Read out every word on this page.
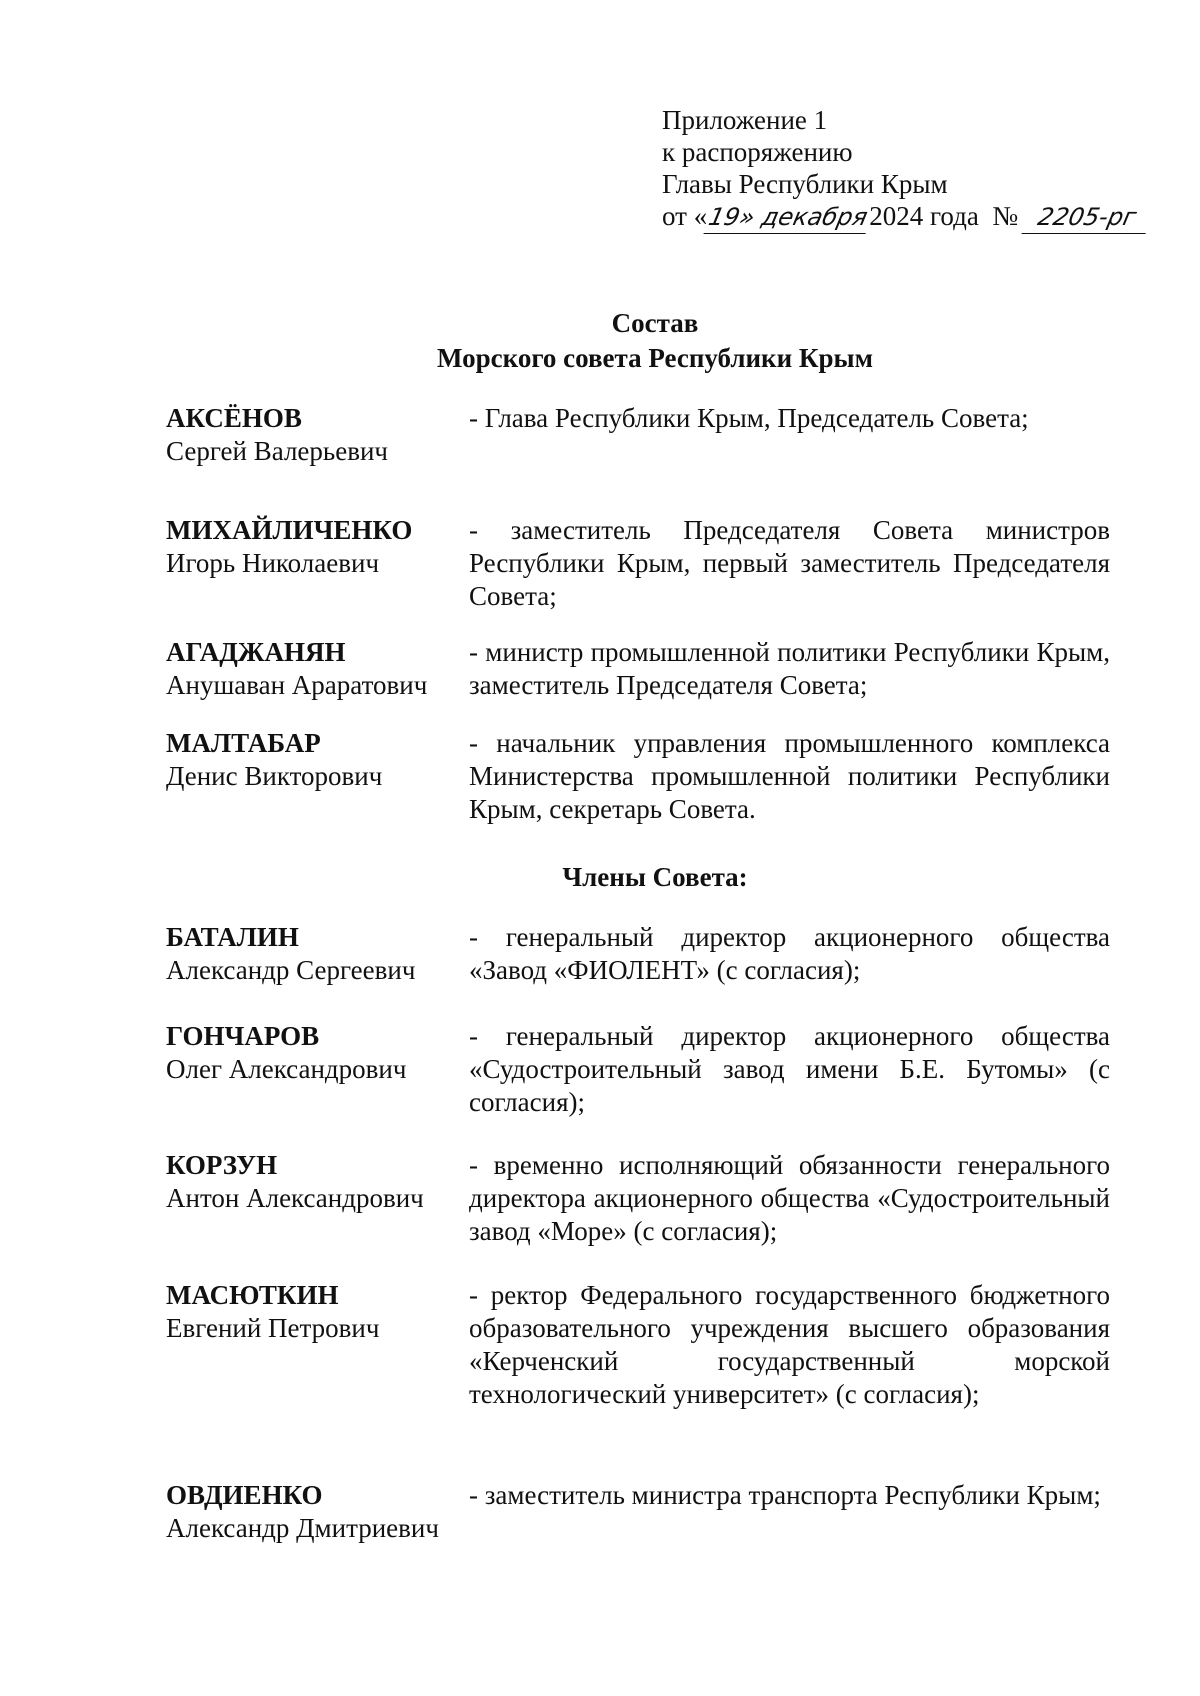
Приложение 1
к распоряжению
Главы Республики Крым
от «19» декабря2024 года № 2205-рг
Состав
Морского совета Республики Крым
АКСЁНОВ
Сергей Валерьевич
- Глава Республики Крым, Председатель Совета;
МИХАЙЛИЧЕНКО
Игорь Николаевич
- заместитель Председателя Совета министров Республики Крым, первый заместитель Председателя Совета;
АГАДЖАНЯН
Анушаван Араратович
- министр промышленной политики Республики Крым, заместитель Председателя Совета;
МАЛТАБАР
Денис Викторович
- начальник управления промышленного комплекса Министерства промышленной политики Республики Крым, секретарь Совета.
Члены Совета:
БАТАЛИН
Александр Сергеевич
- генеральный директор акционерного общества «Завод «ФИОЛЕНТ» (с согласия);
ГОНЧАРОВ
Олег Александрович
- генеральный директор акционерного общества «Судостроительный завод имени Б.Е. Бутомы» (с согласия);
КОРЗУН
Антон Александрович
- временно исполняющий обязанности генерального директора акционерного общества «Судостроительный завод «Море» (с согласия);
МАСЮТКИН
Евгений Петрович
- ректор Федерального государственного бюджетного образовательного учреждения высшего образования «Керченский государственный морской технологический университет» (с согласия);
ОВДИЕНКО
Александр Дмитриевич
- заместитель министра транспорта Республики Крым;
